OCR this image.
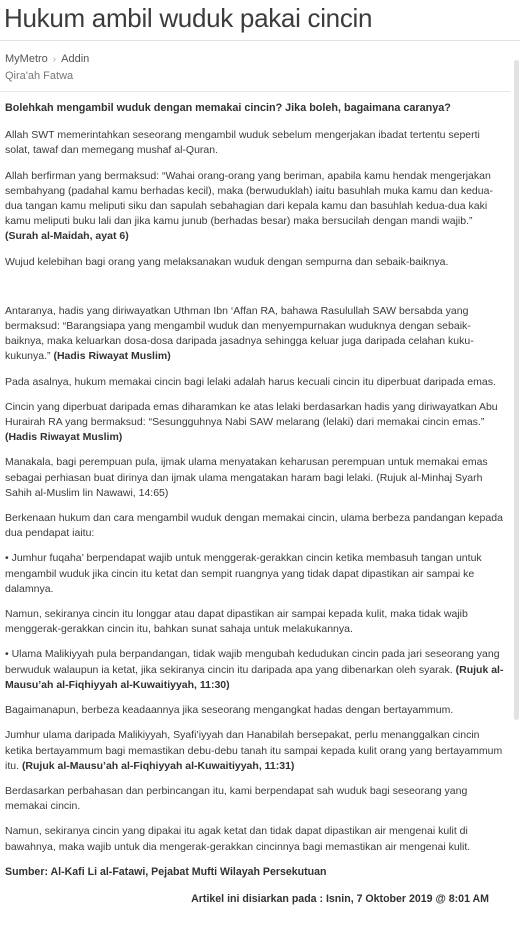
Hukum ambil wuduk pakai cincin
MyMetro › Addin
Qira'ah Fatwa

Bolehkah mengambil wuduk dengan memakai cincin? Jika boleh, bagaimana caranya?

Allah SWT memerintahkan seseorang mengambil wuduk sebelum mengerjakan ibadat tertentu seperti solat, tawaf dan memegang mushaf al-Quran.

Allah berfirman yang bermaksud: “Wahai orang-orang yang beriman, apabila kamu hendak mengerjakan sembahyang (padahal kamu berhadas kecil), maka (berwuduklah) iaitu basuhlah muka kamu dan kedua-dua tangan kamu meliputi siku dan sapulah sebahagian dari kepala kamu dan basuhlah kedua-dua kaki kamu meliputi buku lali dan jika kamu junub (berhadas besar) maka bersucilah dengan mandi wajib.” (Surah al-Maidah, ayat 6)

Wujud kelebihan bagi orang yang melaksanakan wuduk dengan sempurna dan sebaik-baiknya.

Antaranya, hadis yang diriwayatkan Uthman Ibn ‘Affan RA, bahawa Rasulullah SAW bersabda yang bermaksud: “Barangsiapa yang mengambil wuduk dan menyempurnakan wuduknya dengan sebaik-baiknya, maka keluarkan dosa-dosa daripada jasadnya sehingga keluar juga daripada celahan kuku-kukunya.” (Hadis Riwayat Muslim)

Pada asalnya, hukum memakai cincin bagi lelaki adalah harus kecuali cincin itu diperbuat daripada emas.

Cincin yang diperbuat daripada emas diharamkan ke atas lelaki berdasarkan hadis yang diriwayatkan Abu Hurairah RA yang bermaksud: “Sesungguhnya Nabi SAW melarang (lelaki) dari memakai cincin emas.” (Hadis Riwayat Muslim)

Manakala, bagi perempuan pula, ijmak ulama menyatakan keharusan perempuan untuk memakai emas sebagai perhiasan buat dirinya dan ijmak ulama mengatakan haram bagi lelaki. (Rujuk al-Minhaj Syarh Sahih al-Muslim lin Nawawi, 14:65)

Berkenaan hukum dan cara mengambil wuduk dengan memakai cincin, ulama berbeza pandangan kepada dua pendapat iaitu:

• Jumhur fuqaha’ berpendapat wajib untuk menggerak-gerakkan cincin ketika membasuh tangan untuk mengambil wuduk jika cincin itu ketat dan sempit ruangnya yang tidak dapat dipastikan air sampai ke dalamnya.

Namun, sekiranya cincin itu longgar atau dapat dipastikan air sampai kepada kulit, maka tidak wajib menggerak-gerakkan cincin itu, bahkan sunat sahaja untuk melakukannya.

• Ulama Malikiyyah pula berpandangan, tidak wajib mengubah kedudukan cincin pada jari seseorang yang berwuduk walaupun ia ketat, jika sekiranya cincin itu daripada apa yang dibenarkan oleh syarak. (Rujuk al-Mausu’ah al-Fiqhiyyah al-Kuwaitiyyah, 11:30)

Bagaimanapun, berbeza keadaannya jika seseorang mengangkat hadas dengan bertayammum.

Jumhur ulama daripada Malikiyyah, Syafi’iyyah dan Hanabilah bersepakat, perlu menanggalkan cincin ketika bertayammum bagi memastikan debu-debu tanah itu sampai kepada kulit orang yang bertayammum itu. (Rujuk al-Mausu’ah al-Fiqhiyyah al-Kuwaitiyyah, 11:31)

Berdasarkan perbahasan dan perbincangan itu, kami berpendapat sah wuduk bagi seseorang yang memakai cincin.

Namun, sekiranya cincin yang dipakai itu agak ketat dan tidak dapat dipastikan air mengenai kulit di bawahnya, maka wajib untuk dia mengerak-gerakkan cincinnya bagi memastikan air mengenai kulit.

Sumber: Al-Kafi Li al-Fatawi, Pejabat Mufti Wilayah Persekutuan
Artikel ini disiarkan pada : Isnin, 7 Oktober 2019 @ 8:01 AM
